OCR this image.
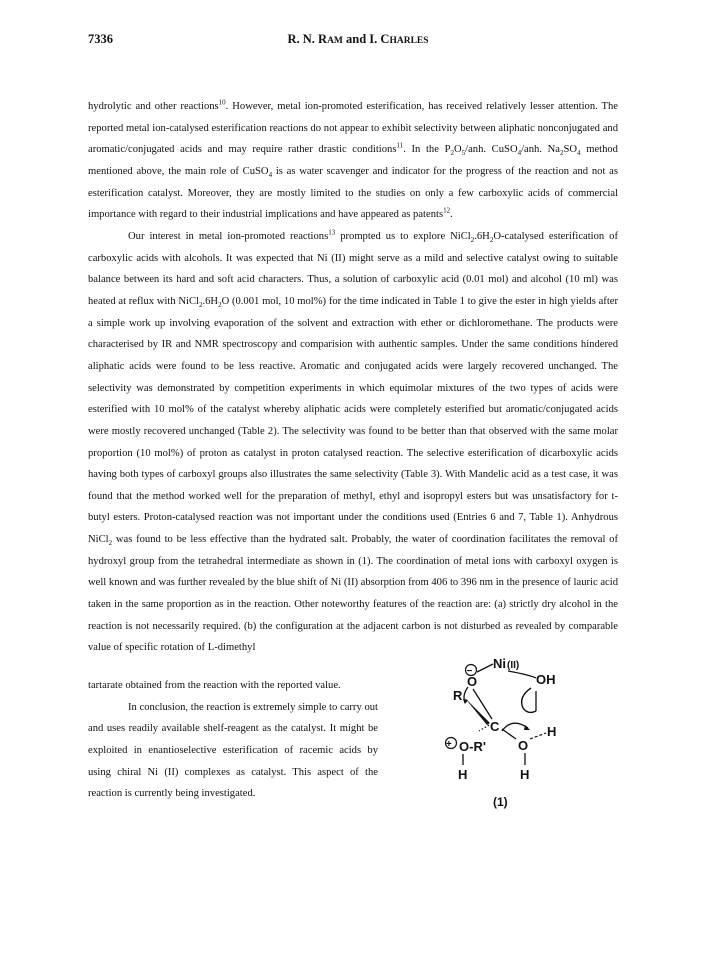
7336	R. N. RAM and I. CHARLES

hydrolytic and other reactions$^{10}$. However, metal ion-promoted esterification, has received relatively lesser attention. The reported metal ion-catalysed esterification reactions do not appear to exhibit selectivity between aliphatic nonconjugated and aromatic/conjugated acids and may require rather drastic conditions$^{11}$. In the $P_2O_5$/anh. CuSO$_4$/anh. $Na_2SO_4$ method mentioned above, the main role of CuSO$_4$ is as water scavenger and indicator for the progress of the reaction and not as esterification catalyst. Moreover, they are mostly limited to the studies on only a few carboxylic acids of commercial importance with regard to their industrial implications and have appeared as patents$^{12}$.

Our interest in metal ion-promoted reactions$^{13}$ prompted us to explore $NiCl_2.6H_2O$-catalysed esterification of carboxylic acids with alcohols. It was expected that Ni (II) might serve as a mild and selective catalyst owing to suitable balance between its hard and soft acid characters. Thus, a solution of carboxylic acid (0.01 mol) and alcohol (10 ml) was heated at reflux with $NiCl_2.6H_2O$ (0.001 mol, 10 mol%) for the time indicated in Table 1 to give the ester in high yields after a simple work up involving evaporation of the solvent and extraction with ether or dichloromethane. The products were characterised by IR and NMR spectroscopy and comparision with authentic samples. Under the same conditions hindered aliphatic acids were found to be less reactive. Aromatic and conjugated acids were largely recovered unchanged. The selectivity was demonstrated by competition experiments in which equimolar mixtures of the two types of acids were esterified with 10 mol% of the catalyst whereby aliphatic acids were completely esterified but aromatic/conjugated acids were mostly recovered unchanged (Table 2). The selectivity was found to be better than that observed with the same molar proportion (10 mol%) of proton as catalyst in proton catalysed reaction. The selective esterification of dicarboxylic acids having both types of carboxyl groups also illustrates the same selectivity (Table 3). With Mandelic acid as a test case, it was found that the method worked well for the preparation of methyl, ethyl and isopropyl esters but was unsatisfactory for t-butyl esters. Proton-catalysed reaction was not important under the conditions used (Entries 6 and 7, Table 1). Anhydrous NiCl$_2$ was found to be less effective than the hydrated salt. Probably, the water of coordination facilitates the removal of hydroxyl group from the tetrahedral intermediate as shown in (1). The coordination of metal ions with carboxyl oxygen is well known and was further revealed by the blue shift of Ni (II) absorption from 406 to 396 nm in the presence of lauric acid taken in the same proportion as in the reaction. Other noteworthy features of the reaction are: (a) strictly dry alcohol in the reaction is not necessarily required. (b) the configuration at the adjacent carbon is not disturbed as revealed by comparable value of specific rotation of L-dimethyl

tartarate obtained from the reaction with the reported value.

In conclusion, the reaction is extremely simple to carry out and uses readily available shelf-reagent as the catalyst. It might be exploited in enantioselective esterification of racemic acids by using chiral Ni (II) complexes as catalyst. This aspect of the reaction is currently being investigated.

−
Ni (II)
OH
O
R
C	H
O
H
+ O-R'
H
(1)
